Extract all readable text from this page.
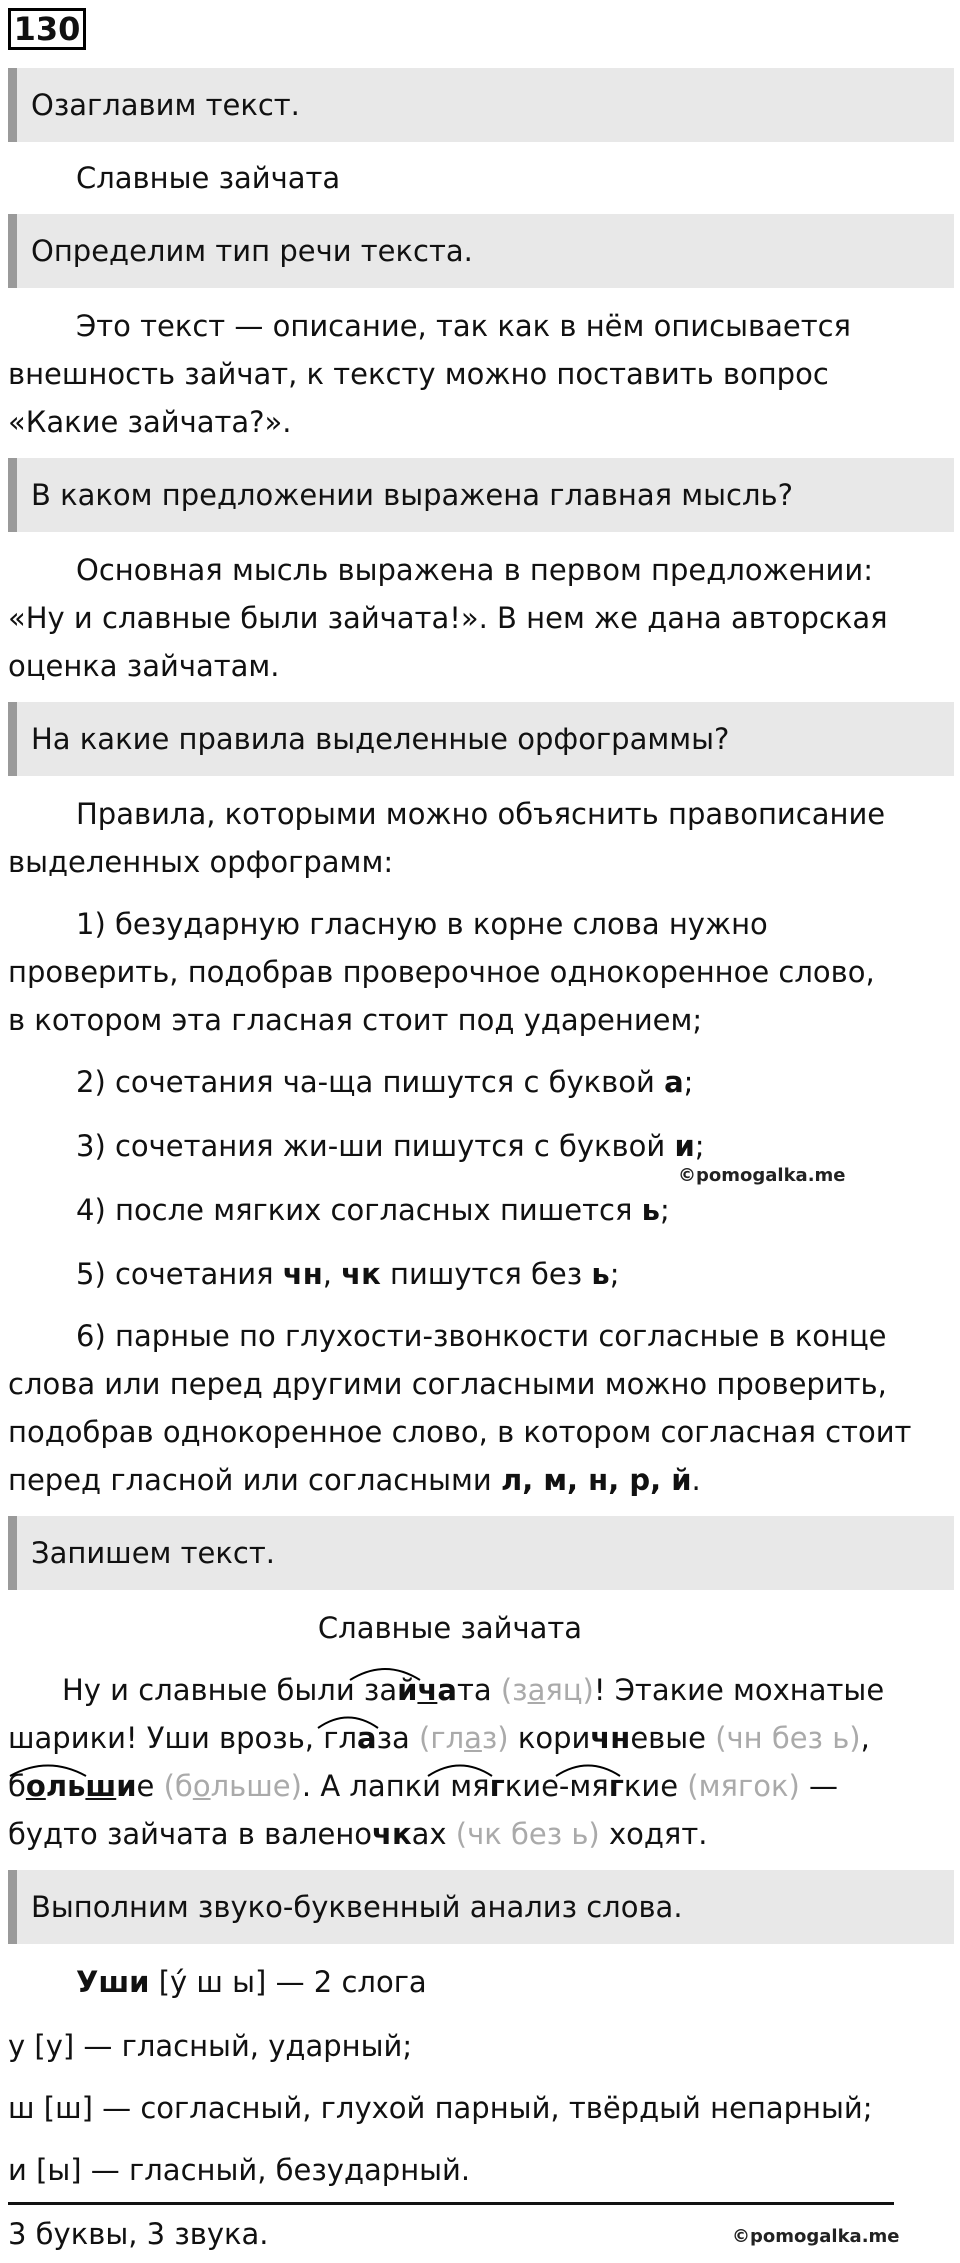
130
Озаглавим текст.
Славные зайчата
Определим тип речи текста.
Это текст — описание, так как в нём описывается
внешность зайчат, к тексту можно поставить вопрос
«Какие зайчата?».
В каком предложении выражена главная мысль?
Основная мысль выражена в первом предложении:
«Ну и славные были зайчата!». В нем же дана авторская
оценка зайчатам.
На какие правила выделенные орфограммы?
Правила, которыми можно объяснить правописание
выделенных орфограмм:
1) безударную гласную в корне слова нужно
проверить, подобрав проверочное однокоренное слово,
в котором эта гласная стоит под ударением;
2) сочетания ча-ща пишутся с буквой а;
3) сочетания жи-ши пишутся с буквой и;
©pomogalka.me
4) после мягких согласных пишется ь;
5) сочетания чн, чк пишутся без ь;
6) парные по глухости-звонкости согласные в конце
слова или перед другими согласными можно проверить,
подобрав однокоренное слово, в котором согласная стоит
перед гласной или согласными л, м, н, р, й.
Запишем текст.
Славные зайчата
Ну и славные были зайчата (заяц)! Этакие мохнатые
шарики! Уши врозь, глаза (глаз) коричневые (чн без ь),
большие (больше). А лапки мягкие-мягкие (мягок) —
будто зайчата в валеночках (чк без ь) ходят.
Выполним звуко-буквенный анализ слова.
Уши [у́ ш ы] — 2 слога
у [у] — гласный, ударный;
ш [ш] — согласный, глухой парный, твёрдый непарный;
и [ы] — гласный, безударный.
3 буквы, 3 звука.	©pomogalka.me
